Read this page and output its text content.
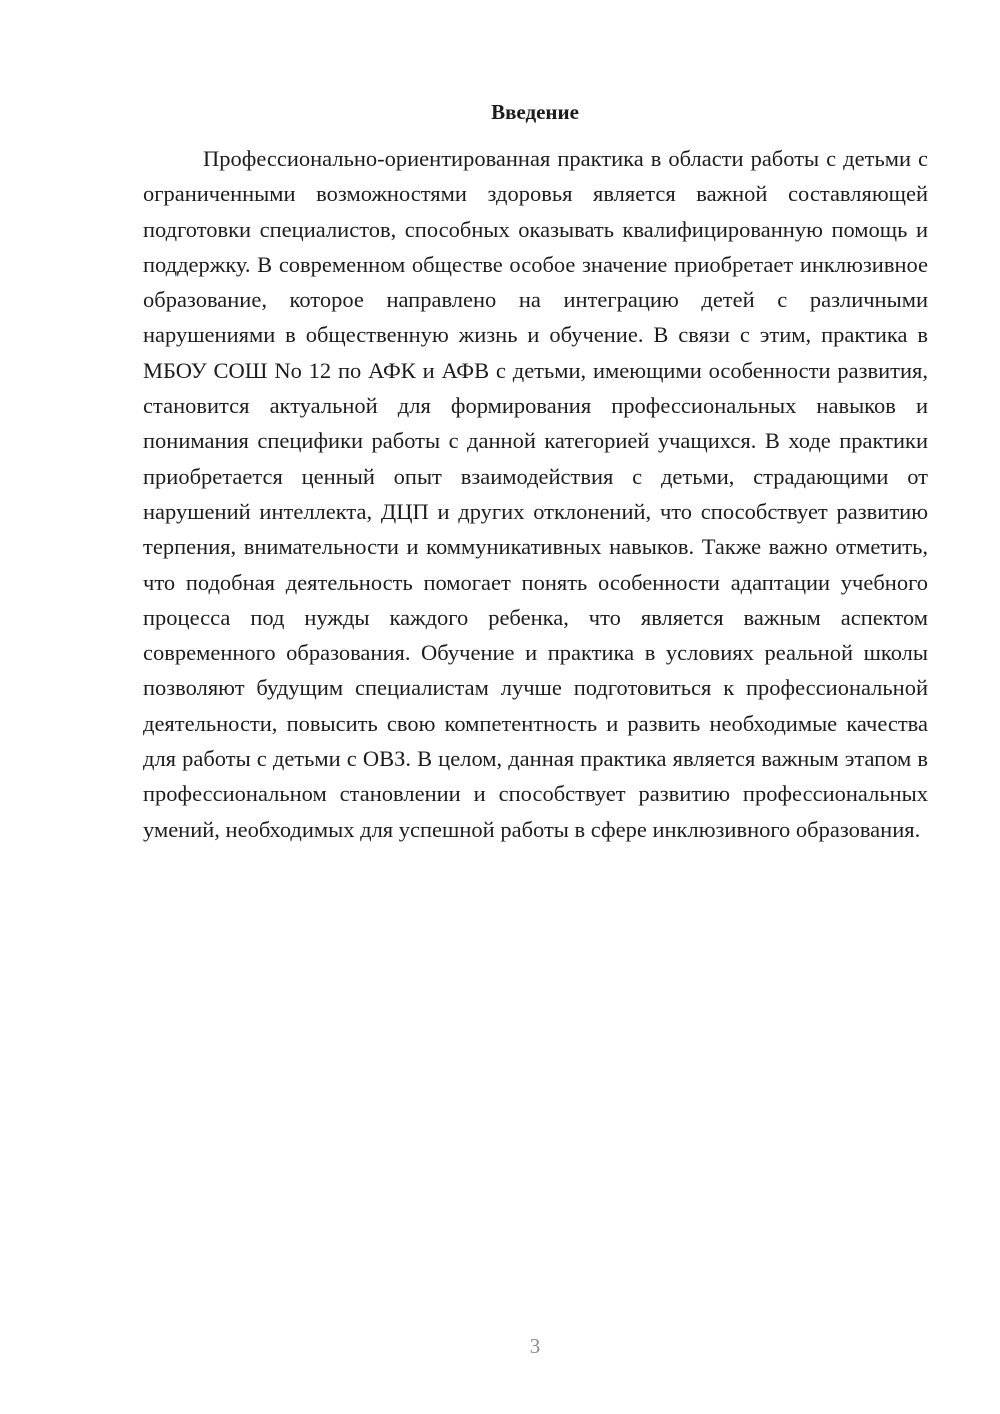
Введение

Профессионально-ориентированная практика в области работы с детьми с ограниченными возможностями здоровья является важной составляющей подготовки специалистов, способных оказывать квалифицированную помощь и поддержку. В современном обществе особое значение приобретает инклюзивное образование, которое направлено на интеграцию детей с различными нарушениями в общественную жизнь и обучение. В связи с этим, практика в МБОУ СОШ No 12 по АФК и АФВ с детьми, имеющими особенности развития, становится актуальной для формирования профессиональных навыков и понимания специфики работы с данной категорией учащихся. В ходе практики приобретается ценный опыт взаимодействия с детьми, страдающими от нарушений интеллекта, ДЦП и других отклонений, что способствует развитию терпения, внимательности и коммуникативных навыков. Также важно отметить, что подобная деятельность помогает понять особенности адаптации учебного процесса под нужды каждого ребенка, что является важным аспектом современного образования. Обучение и практика в условиях реальной школы позволяют будущим специалистам лучше подготовиться к профессиональной деятельности, повысить свою компетентность и развить необходимые качества для работы с детьми с ОВЗ. В целом, данная практика является важным этапом в профессиональном становлении и способствует развитию профессиональных умений, необходимых для успешной работы в сфере инклюзивного образования.

3
